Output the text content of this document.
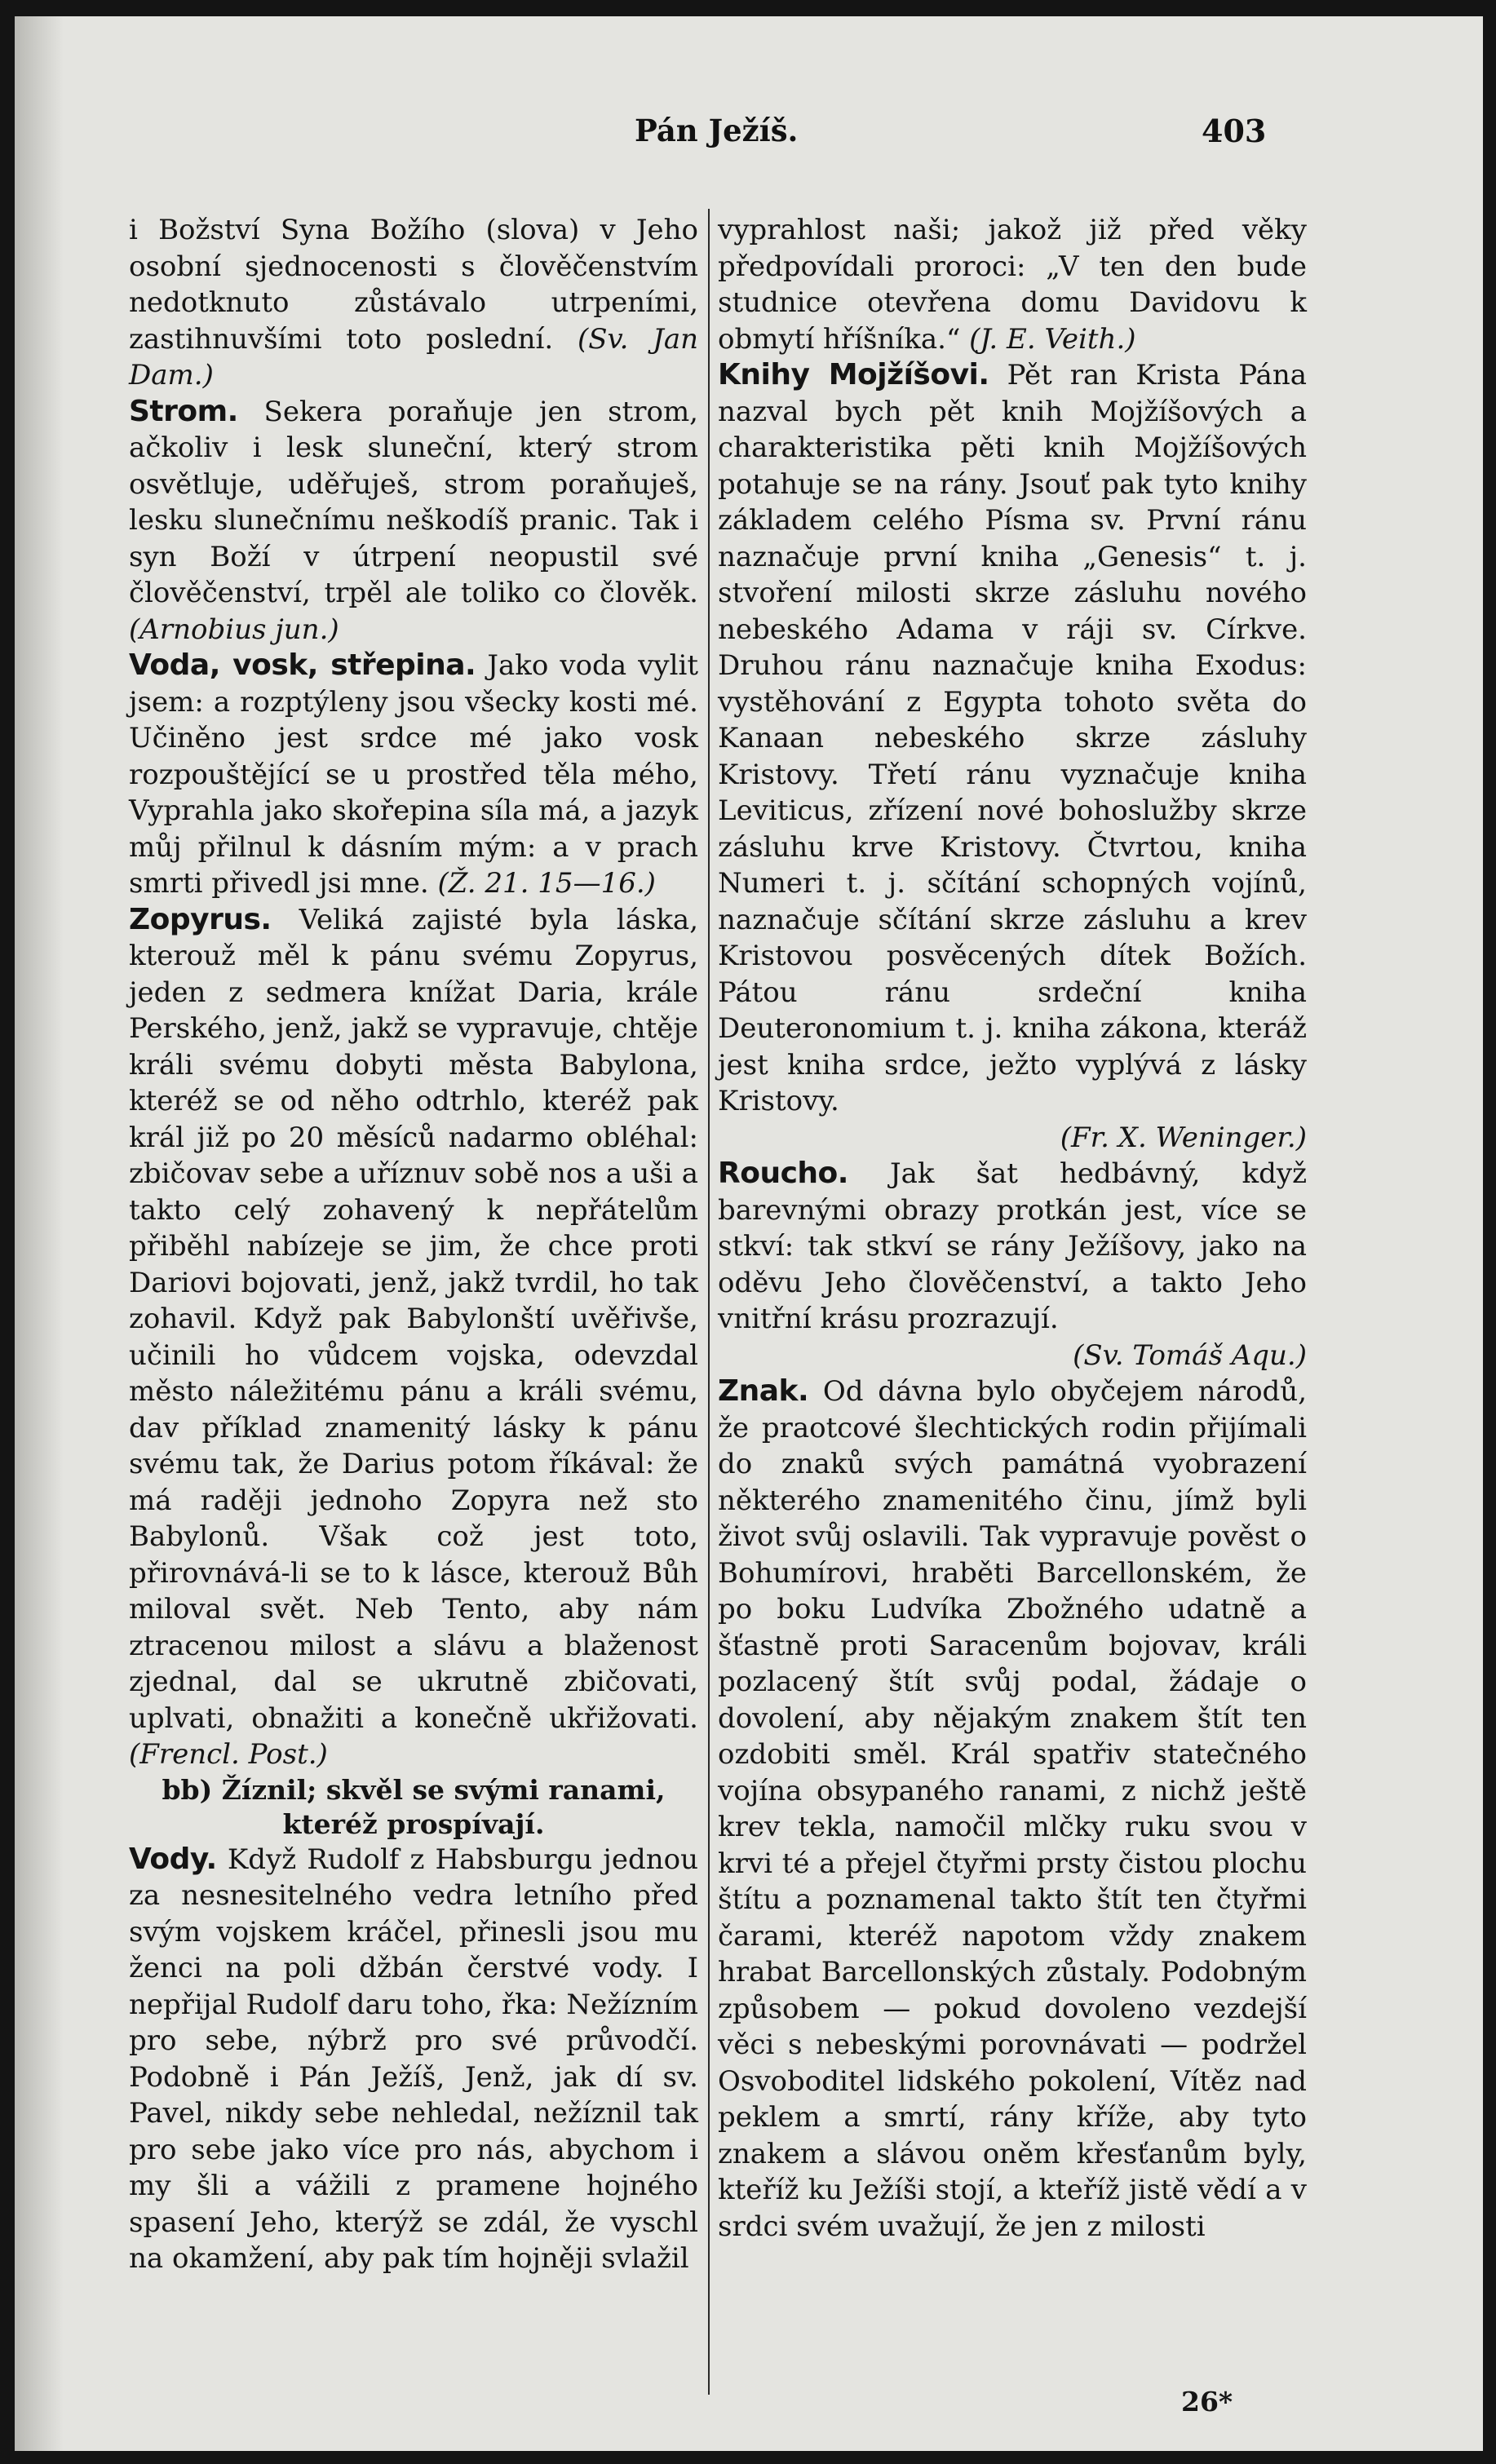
Pán Ježíš.	403

i Božství Syna Božího (slova) v Jeho osobní sjednocenosti s člověčenstvím nedotknuto zůstávalo utrpeními, zastihnuvšími toto poslední. (Sv. Jan Dam.)

Strom. Sekera poraňuje jen strom, ačkoliv i lesk sluneční, který strom osvětluje, uděřuješ, strom poraňuješ, lesku slunečnímu neškodíš pranic. Tak i syn Boží v útrpení neopustil své člověčenství, trpěl ale toliko co člověk. (Arnobius jun.)

Voda, vosk, střepina. Jako voda vylit jsem: a rozptýleny jsou všecky kosti mé. Učiněno jest srdce mé jako vosk rozpouštějící se u prostřed těla mého, Vyprahla jako skořepina síla má, a jazyk můj přilnul k dásním mým: a v prach smrti přivedl jsi mne. (Ž. 21. 15—16.)

Zopyrus. Veliká zajisté byla láska, kterouž měl k pánu svému Zopyrus, jeden z sedmera knížat Daria, krále Perského, jenž, jakž se vypravuje, chtěje králi svému dobyti města Babylona, kteréž se od něho odtrhlo, kteréž pak král již po 20 měsíců nadarmo obléhal: zbičovav sebe a uříznuv sobě nos a uši a takto celý zohavený k nepřátelům přiběhl nabízeje se jim, že chce proti Dariovi bojovati, jenž, jakž tvrdil, ho tak zohavil. Když pak Babylonští uvěřivše, učinili ho vůdcem vojska, odevzdal město náležitému pánu a králi svému, dav příklad znamenitý lásky k pánu svému tak, že Darius potom říkával: že má raději jednoho Zopyra než sto Babylonů. Však což jest toto, přirovnává-li se to k lásce, kterouž Bůh miloval svět. Neb Tento, aby nám ztracenou milost a slávu a blaženost zjednal, dal se ukrutně zbičovati, uplvati, obnažiti a konečně ukřižovati. (Frencl. Post.)

bb) Žíznil; skvěl se svými ranami, kteréž prospívají.

Vody. Když Rudolf z Habsburgu jednou za nesnesitelného vedra letního před svým vojskem kráčel, přinesli jsou mu ženci na poli džbán čerstvé vody. I nepřijal Rudolf daru toho, řka: Nežízním pro sebe, nýbrž pro své průvodčí. Podobně i Pán Ježíš, Jenž, jak dí sv. Pavel, nikdy sebe nehledal, nežíznil tak pro sebe jako více pro nás, abychom i my šli a vážili z pramene hojného spasení Jeho, kterýž se zdál, že vyschl na okamžení, aby pak tím hojněji svlažil

vyprahlost naši; jakož již před věky předpovídali proroci: „V ten den bude studnice otevřena domu Davidovu k obmytí hříšníka.“ (J. E. Veith.)

Knihy Mojžíšovi. Pět ran Krista Pána nazval bych pět knih Mojžíšových a charakteristika pěti knih Mojžíšových potahuje se na rány. Jsouť pak tyto knihy základem celého Písma sv. První ránu naznačuje první kniha „Genesis“ t. j. stvoření milosti skrze zásluhu nového nebeského Adama v ráji sv. Církve. Druhou ránu naznačuje kniha Exodus: vystěhování z Egypta tohoto světa do Kanaan nebeského skrze zásluhy Kristovy. Třetí ránu vyznačuje kniha Leviticus, zřízení nové bohoslužby skrze zásluhu krve Kristovy. Čtvrtou, kniha Numeri t. j. sčítání schopných vojínů, naznačuje sčítání skrze zásluhu a krev Kristovou posvěcených dítek Božích. Pátou ránu srdeční kniha Deuteronomium t. j. kniha zákona, kteráž jest kniha srdce, ježto vyplývá z lásky Kristovy.
(Fr. X. Weninger.)

Roucho. Jak šat hedbávný, když barevnými obrazy protkán jest, více se stkví: tak stkví se rány Ježíšovy, jako na oděvu Jeho člověčenství, a takto Jeho vnitřní krásu prozrazují.
(Sv. Tomáš Aqu.)

Znak. Od dávna bylo obyčejem národů, že praotcové šlechtických rodin přijímali do znaků svých památná vyobrazení některého znamenitého činu, jímž byli život svůj oslavili. Tak vypravuje pověst o Bohumírovi, hraběti Barcellonském, že po boku Ludvíka Zbožného udatně a šťastně proti Saracenům bojovav, králi pozlacený štít svůj podal, žádaje o dovolení, aby nějakým znakem štít ten ozdobiti směl. Král spatřiv statečného vojína obsypaného ranami, z nichž ještě krev tekla, namočil mlčky ruku svou v krvi té a přejel čtyřmi prsty čistou plochu štítu a poznamenal takto štít ten čtyřmi čarami, kteréž napotom vždy znakem hrabat Barcellonských zůstaly. Podobným způsobem — pokud dovoleno vezdejší věci s nebeskými porovnávati — podržel Osvoboditel lidského pokolení, Vítěz nad peklem a smrtí, rány kříže, aby tyto znakem a slávou oněm křesťanům byly, kteříž ku Ježíši stojí, a kteříž jistě vědí a v srdci svém uvažují, že jen z milosti

26*
